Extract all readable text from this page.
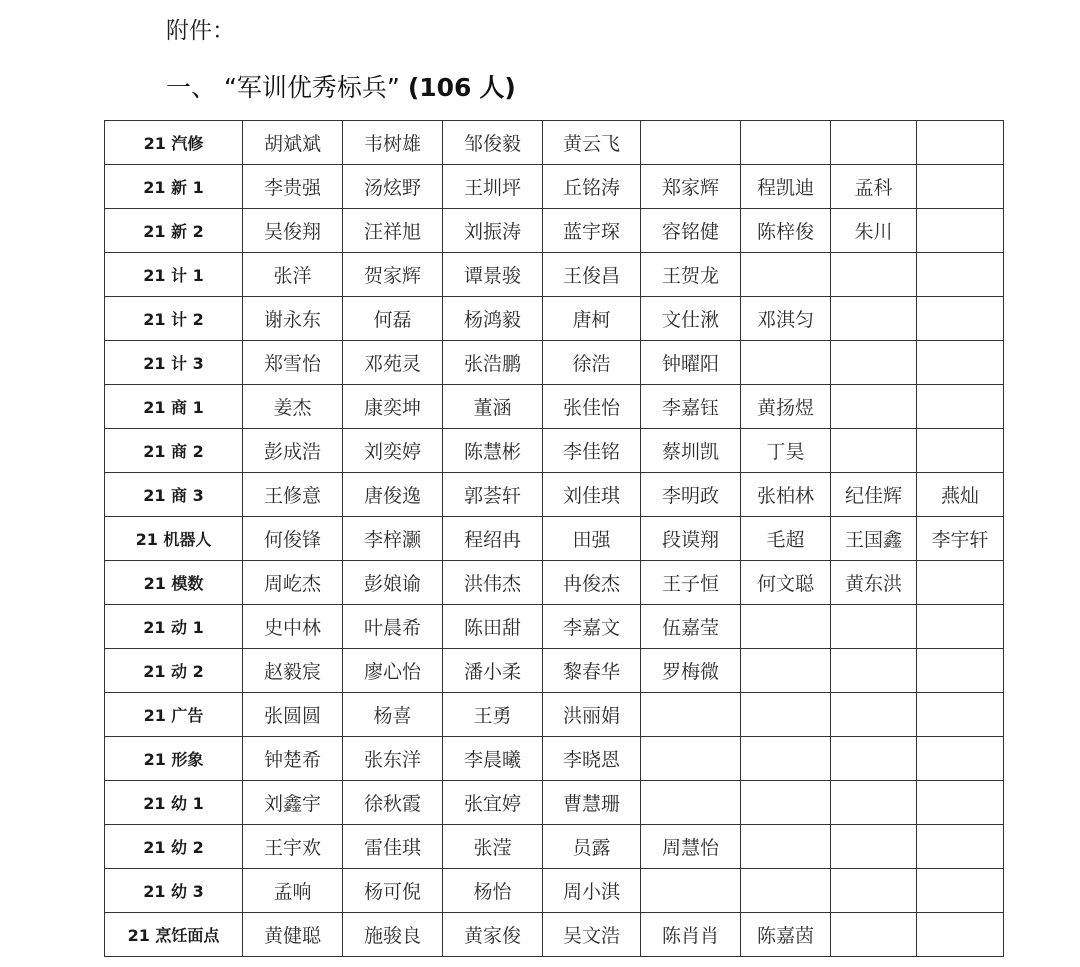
附件：
一、 “军训优秀标兵” (106 人)
21 汽修	胡斌斌	韦树雄	邹俊毅	黄云飞				
21 新 1	李贵强	汤炫野	王圳坪	丘铭涛	郑家辉	程凯迪	孟科	
21 新 2	吴俊翔	汪祥旭	刘振涛	蓝宇琛	容铭健	陈梓俊	朱川	
21 计 1	张洋	贺家辉	谭景骏	王俊昌	王贺龙			
21 计 2	谢永东	何磊	杨鸿毅	唐柯	文仕湫	邓淇匀		
21 计 3	郑雪怡	邓苑灵	张浩鹏	徐浩	钟曜阳			
21 商 1	姜杰	康奕坤	董涵	张佳怡	李嘉钰	黄扬煜		
21 商 2	彭成浩	刘奕婷	陈慧彬	李佳铭	蔡圳凯	丁昊		
21 商 3	王修意	唐俊逸	郭荟轩	刘佳琪	李明政	张柏林	纪佳辉	燕灿
21 机器人	何俊锋	李梓灏	程绍冉	田强	段谟翔	毛超	王国鑫	李宇轩
21 模数	周屹杰	彭娘谕	洪伟杰	冉俊杰	王子恒	何文聪	黄东洪	
21 动 1	史中林	叶晨希	陈田甜	李嘉文	伍嘉莹			
21 动 2	赵毅宸	廖心怡	潘小柔	黎春华	罗梅微			
21 广告	张圆圆	杨喜	王勇	洪丽娟				
21 形象	钟楚希	张东洋	李晨曦	李晓恩				
21 幼 1	刘鑫宇	徐秋霞	张宜婷	曹慧珊				
21 幼 2	王宇欢	雷佳琪	张滢	员露	周慧怡			
21 幼 3	孟响	杨可倪	杨怡	周小淇				
21 烹饪面点	黄健聪	施骏良	黄家俊	吴文浩	陈肖肖	陈嘉茵		
